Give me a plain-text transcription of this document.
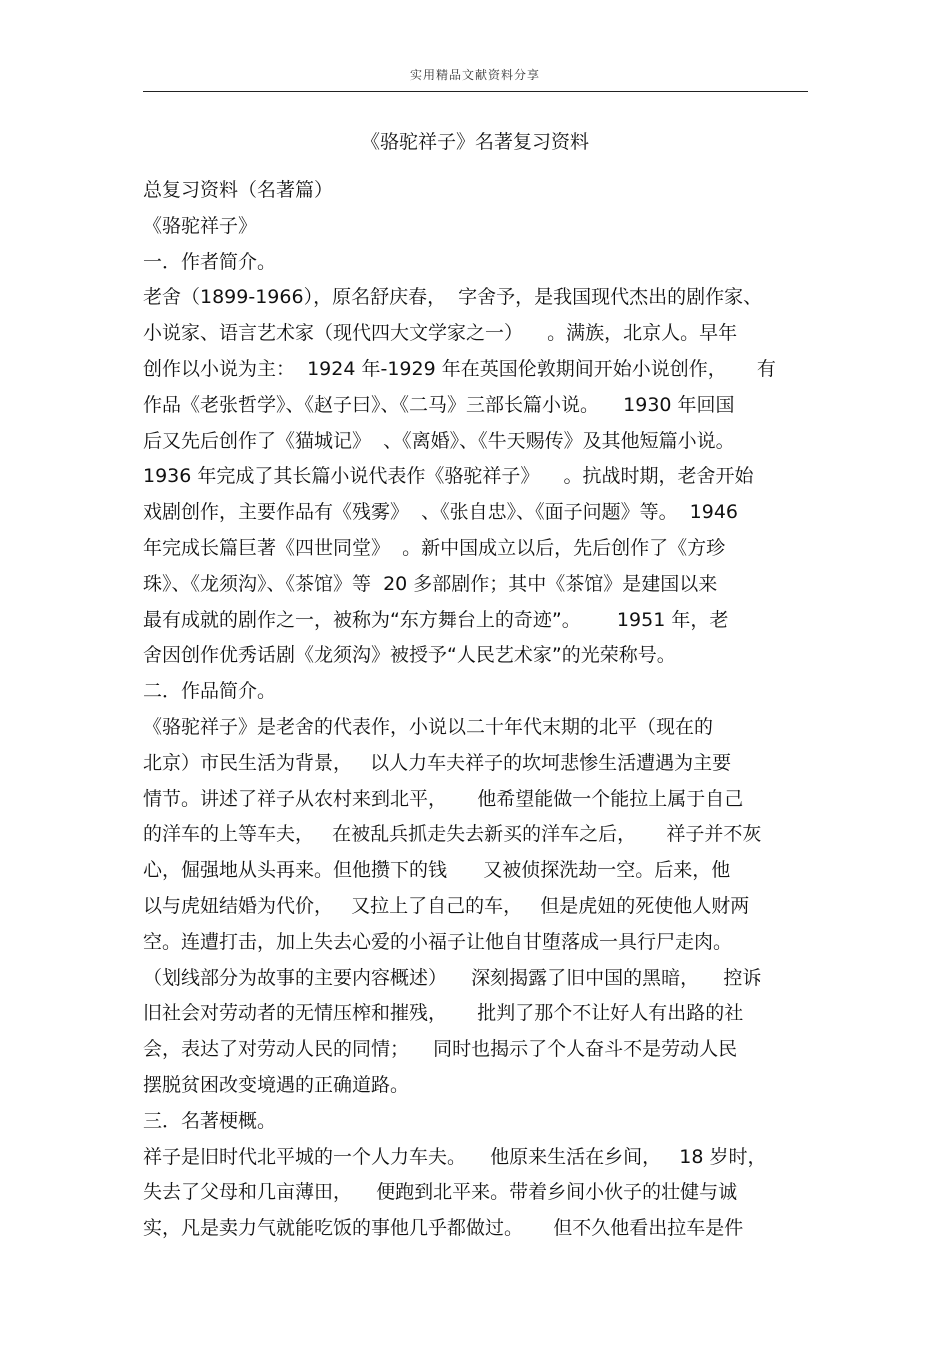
实用精品文献资料分享
《骆驼祥子》名著复习资料
总复习资料（名著篇）
《骆驼祥子》
一．作者简介。
老舍（1899-1966），原名舒庆春，  字舍予，是我国现代杰出的剧作家、
小说家、语言艺术家（现代四大文学家之一）    。满族，北京人。早年
创作以小说为主：  1924 年-1929 年在英国伦敦期间开始小说创作，     有
作品《老张哲学》、《赵子曰》、《二马》三部长篇小说。    1930 年回国
后又先后创作了《猫城记》  、《离婚》、《牛天赐传》及其他短篇小说。
1936 年完成了其长篇小说代表作《骆驼祥子》    。抗战时期，老舍开始
戏剧创作，主要作品有《残雾》  、《张自忠》、《面子问题》等。  1946
年完成长篇巨著《四世同堂》  。新中国成立以后，先后创作了《方珍
珠》、《龙须沟》、《茶馆》等  20 多部剧作；其中《茶馆》是建国以来
最有成就的剧作之一，被称为“东方舞台上的奇迹”。      1951 年，老
舍因创作优秀话剧《龙须沟》被授予“人民艺术家”的光荣称号。
二．作品简介。
《骆驼祥子》是老舍的代表作，小说以二十年代末期的北平（现在的
北京）市民生活为背景，   以人力车夫祥子的坎坷悲惨生活遭遇为主要
情节。讲述了祥子从农村来到北平，     他希望能做一个能拉上属于自己
的洋车的上等车夫，   在被乱兵抓走失去新买的洋车之后，     祥子并不灰
心，倔强地从头再来。但他攒下的钱      又被侦探洗劫一空。后来，他
以与虎妞结婚为代价，   又拉上了自己的车，   但是虎妞的死使他人财两
空。连遭打击，加上失去心爱的小福子让他自甘堕落成一具行尸走肉。
（划线部分为故事的主要内容概述）    深刻揭露了旧中国的黑暗，    控诉
旧社会对劳动者的无情压榨和摧残，     批判了那个不让好人有出路的社
会，表达了对劳动人民的同情；    同时也揭示了个人奋斗不是劳动人民
摆脱贫困改变境遇的正确道路。
三．名著梗概。
祥子是旧时代北平城的一个人力车夫。    他原来生活在乡间，   18 岁时，
失去了父母和几亩薄田，    便跑到北平来。带着乡间小伙子的壮健与诚
实，凡是卖力气就能吃饭的事他几乎都做过。     但不久他看出拉车是件
